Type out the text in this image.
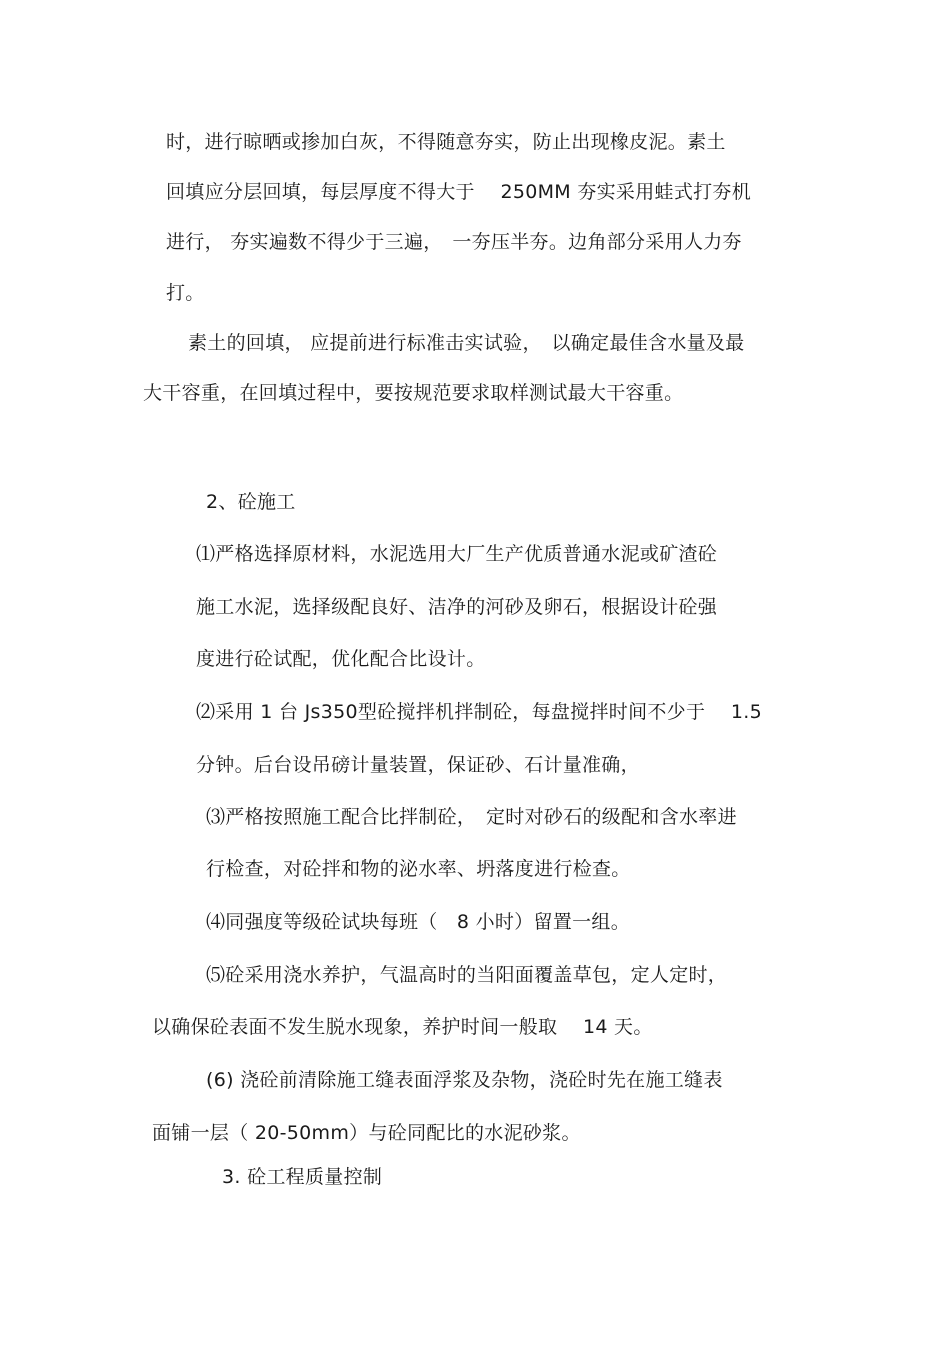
时，进行晾晒或掺加白灰，不得随意夯实，防止出现橡皮泥。素土
回填应分层回填，每层厚度不得大于　 250MM 夯实采用蛙式打夯机
进行， 夯实遍数不得少于三遍，　一夯压半夯。边角部分采用人力夯
打。
素土的回填， 应提前进行标准击实试验，　以确定最佳含水量及最
大干容重，在回填过程中，要按规范要求取样测试最大干容重。
2、砼施工
⑴严格选择原材料，水泥选用大厂生产优质普通水泥或矿渣砼
施工水泥，选择级配良好、洁净的河砂及卵石，根据设计砼强
度进行砼试配，优化配合比设计。
⑵采用 1 台 Js350型砼搅拌机拌制砼，每盘搅拌时间不少于　 1.5
分钟。后台设吊磅计量装置，保证砂、石计量准确，
⑶严格按照施工配合比拌制砼，　定时对砂石的级配和含水率进
行检查，对砼拌和物的泌水率、坍落度进行检查。
⑷同强度等级砼试块每班（　8 小时）留置一组。
⑸砼采用浇水养护，气温高时的当阳面覆盖草包，定人定时，
以确保砼表面不发生脱水现象，养护时间一般取　 14 天。
(6) 浇砼前清除施工缝表面浮浆及杂物，浇砼时先在施工缝表
面铺一层（ 20-50mm）与砼同配比的水泥砂浆。
3. 砼工程质量控制
